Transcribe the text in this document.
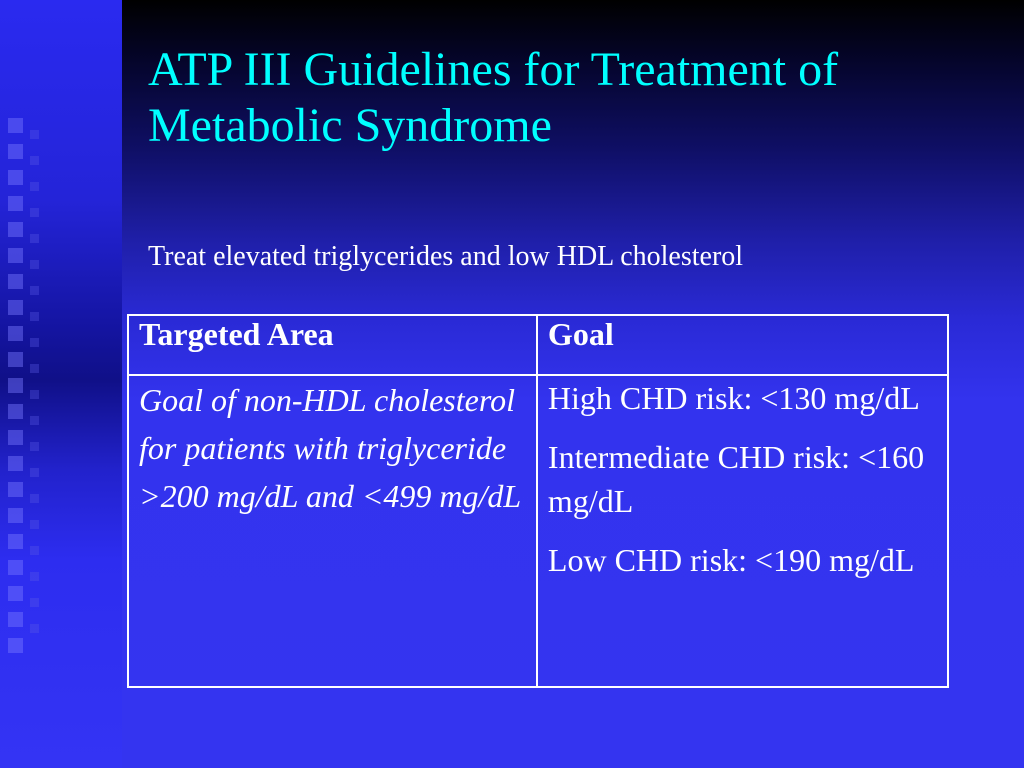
ATP III Guidelines for Treatment of Metabolic Syndrome

Treat elevated triglycerides and low HDL cholesterol

Targeted Area	Goal
Goal of non-HDL cholesterol for patients with triglyceride >200 mg/dL and <499 mg/dL	High CHD risk: <130 mg/dL

Intermediate CHD risk: <160 mg/dL

Low CHD risk: <190 mg/dL
